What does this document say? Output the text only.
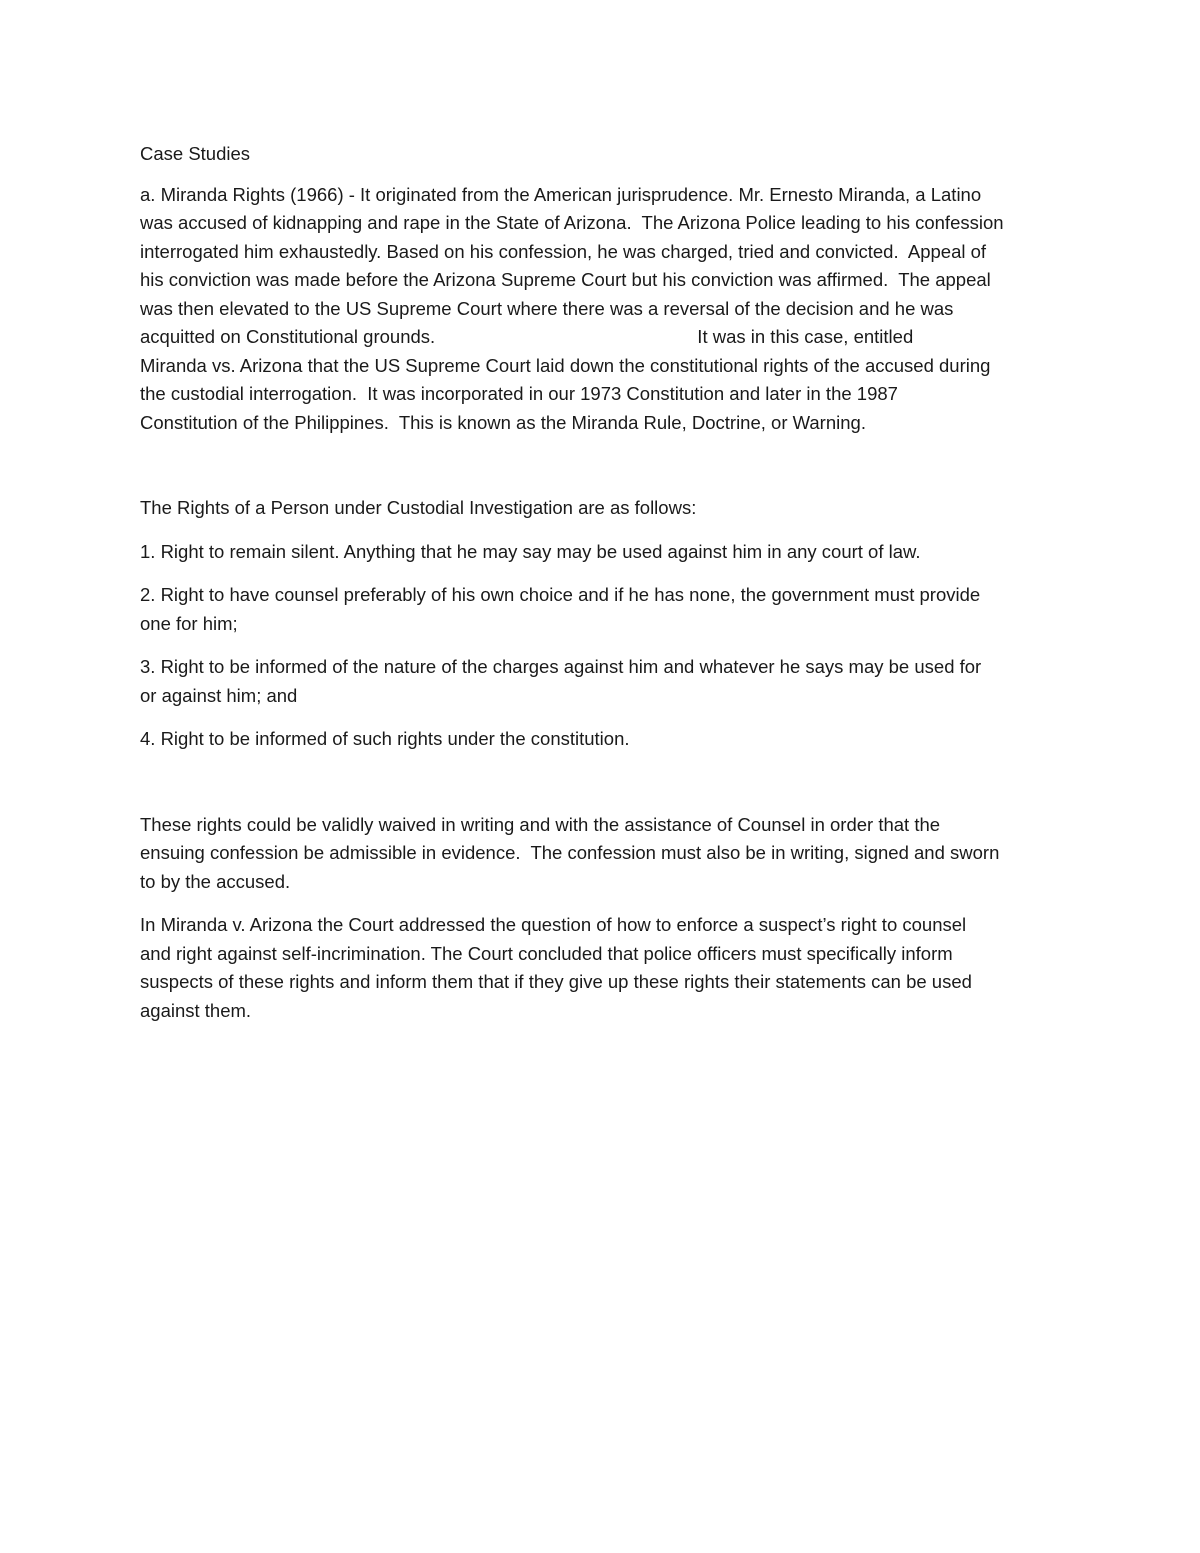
Case Studies
a. Miranda Rights (1966) - It originated from the American jurisprudence. Mr. Ernesto Miranda, a Latino
was accused of kidnapping and rape in the State of Arizona.  The Arizona Police leading to his confession
interrogated him exhaustedly. Based on his confession, he was charged, tried and convicted.  Appeal of
his conviction was made before the Arizona Supreme Court but his conviction was affirmed.  The appeal
was then elevated to the US Supreme Court where there was a reversal of the decision and he was
acquitted on Constitutional grounds.                                                   It was in this case, entitled
Miranda vs. Arizona that the US Supreme Court laid down the constitutional rights of the accused during
the custodial interrogation.  It was incorporated in our 1973 Constitution and later in the 1987
Constitution of the Philippines.  This is known as the Miranda Rule, Doctrine, or Warning.
The Rights of a Person under Custodial Investigation are as follows:
1. Right to remain silent. Anything that he may say may be used against him in any court of law.
2. Right to have counsel preferably of his own choice and if he has none, the government must provide
one for him;
3. Right to be informed of the nature of the charges against him and whatever he says may be used for
or against him; and
4. Right to be informed of such rights under the constitution.
These rights could be validly waived in writing and with the assistance of Counsel in order that the
ensuing confession be admissible in evidence.  The confession must also be in writing, signed and sworn
to by the accused.
In Miranda v. Arizona the Court addressed the question of how to enforce a suspect’s right to counsel
and right against self-incrimination. The Court concluded that police officers must specifically inform
suspects of these rights and inform them that if they give up these rights their statements can be used
against them.
